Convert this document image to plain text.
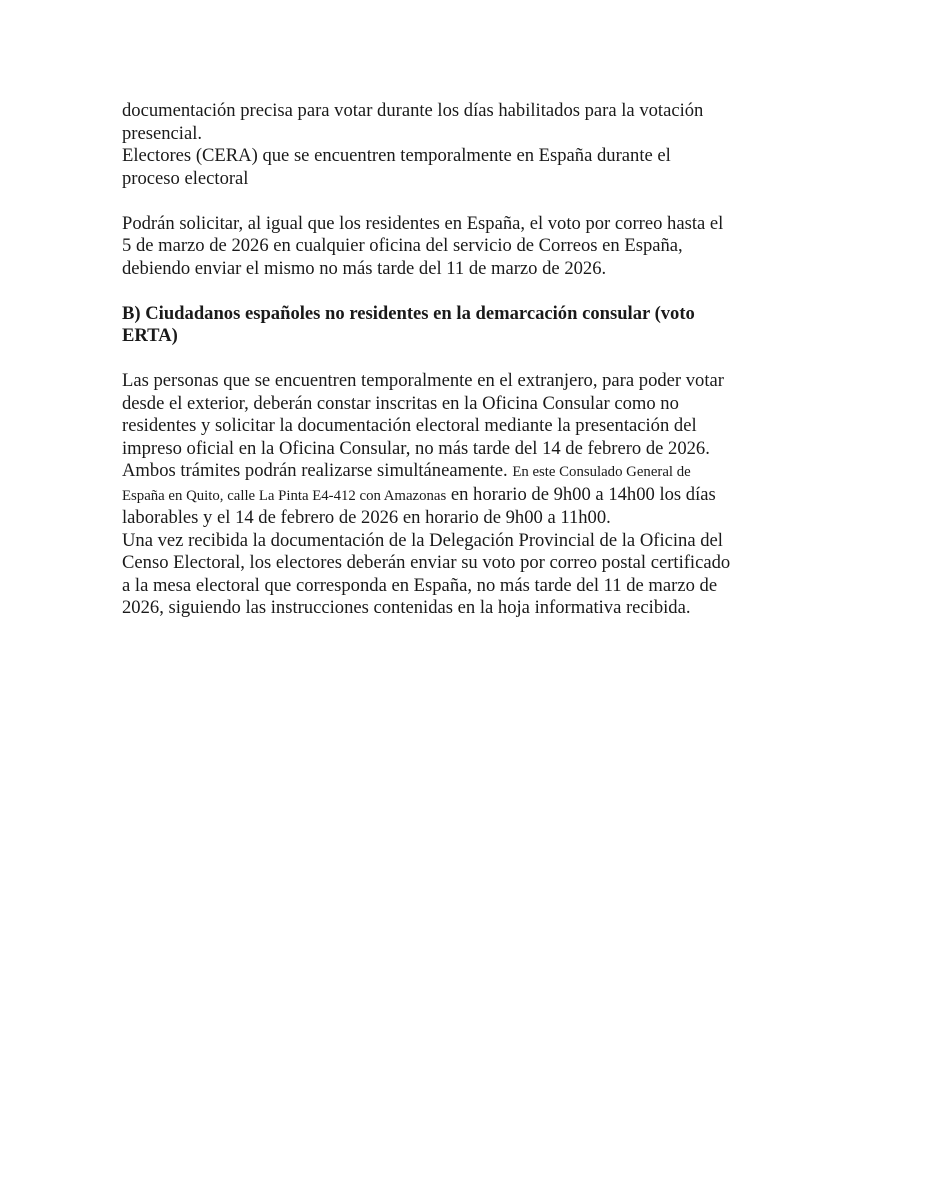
documentación precisa para votar durante los días habilitados para la votación presencial.

Electores (CERA) que se encuentren temporalmente en España durante el proceso electoral

Podrán solicitar, al igual que los residentes en España, el voto por correo hasta el 5 de marzo de 2026 en cualquier oficina del servicio de Correos en España, debiendo enviar el mismo no más tarde del 11 de marzo de 2026.

B) Ciudadanos españoles no residentes en la demarcación consular (voto ERTA)

Las personas que se encuentren temporalmente en el extranjero, para poder votar desde el exterior, deberán constar inscritas en la Oficina Consular como no residentes y solicitar la documentación electoral mediante la presentación del impreso oficial en la Oficina Consular, no más tarde del 14 de febrero de 2026. Ambos trámites podrán realizarse simultáneamente. En este Consulado General de España en Quito, calle La Pinta E4-412 con Amazonas en horario de 9h00 a 14h00 los días laborables y el 14 de febrero de 2026 en horario de 9h00 a 11h00.

Una vez recibida la documentación de la Delegación Provincial de la Oficina del Censo Electoral, los electores deberán enviar su voto por correo postal certificado a la mesa electoral que corresponda en España, no más tarde del 11 de marzo de 2026, siguiendo las instrucciones contenidas en la hoja informativa recibida.
